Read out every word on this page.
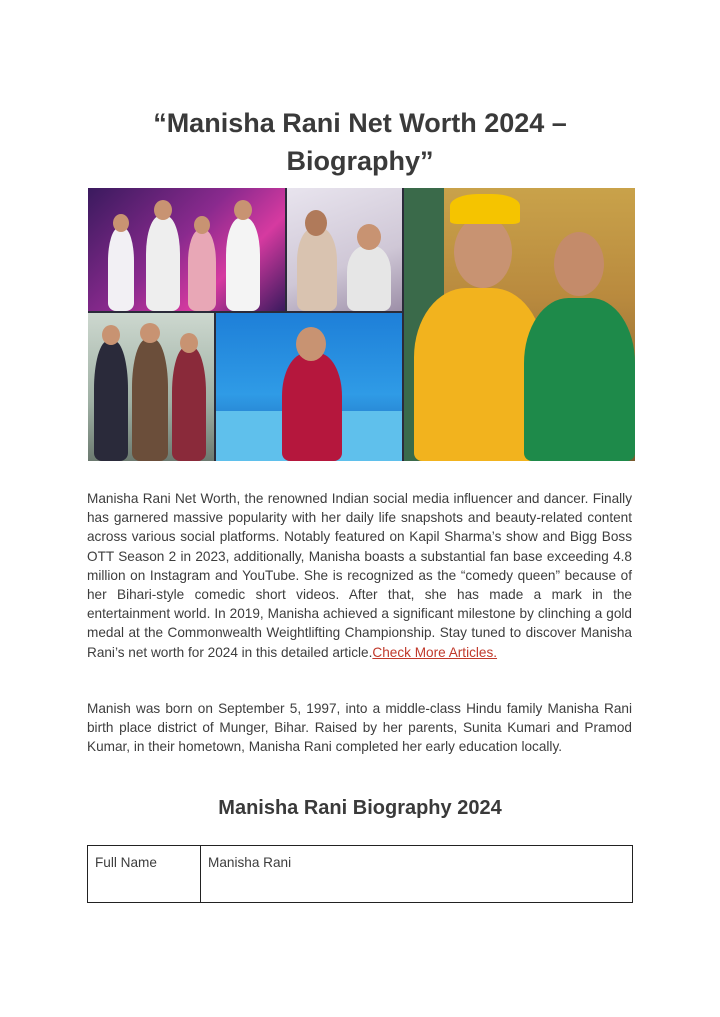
“Manisha Rani Net Worth 2024 – Biography”

Manisha Rani Net Worth, the renowned Indian social media influencer and dancer. Finally has garnered massive popularity with her daily life snapshots and beauty-related content across various social platforms. Notably featured on Kapil Sharma’s show and Bigg Boss OTT Season 2 in 2023, additionally, Manisha boasts a substantial fan base exceeding 4.8 million on Instagram and YouTube. She is recognized as the “comedy queen” because of her Bihari-style comedic short videos. After that, she has made a mark in the entertainment world. In 2019, Manisha achieved a significant milestone by clinching a gold medal at the Commonwealth Weightlifting Championship. Stay tuned to discover Manisha Rani’s net worth for 2024 in this detailed article.Check More Articles.

Manish was born on September 5, 1997, into a middle-class Hindu family Manisha Rani birth place district of Munger, Bihar. Raised by her parents, Sunita Kumari and Pramod Kumar, in their hometown, Manisha Rani completed her early education locally.

Manisha Rani Biography 2024
Full Name	Manisha Rani
